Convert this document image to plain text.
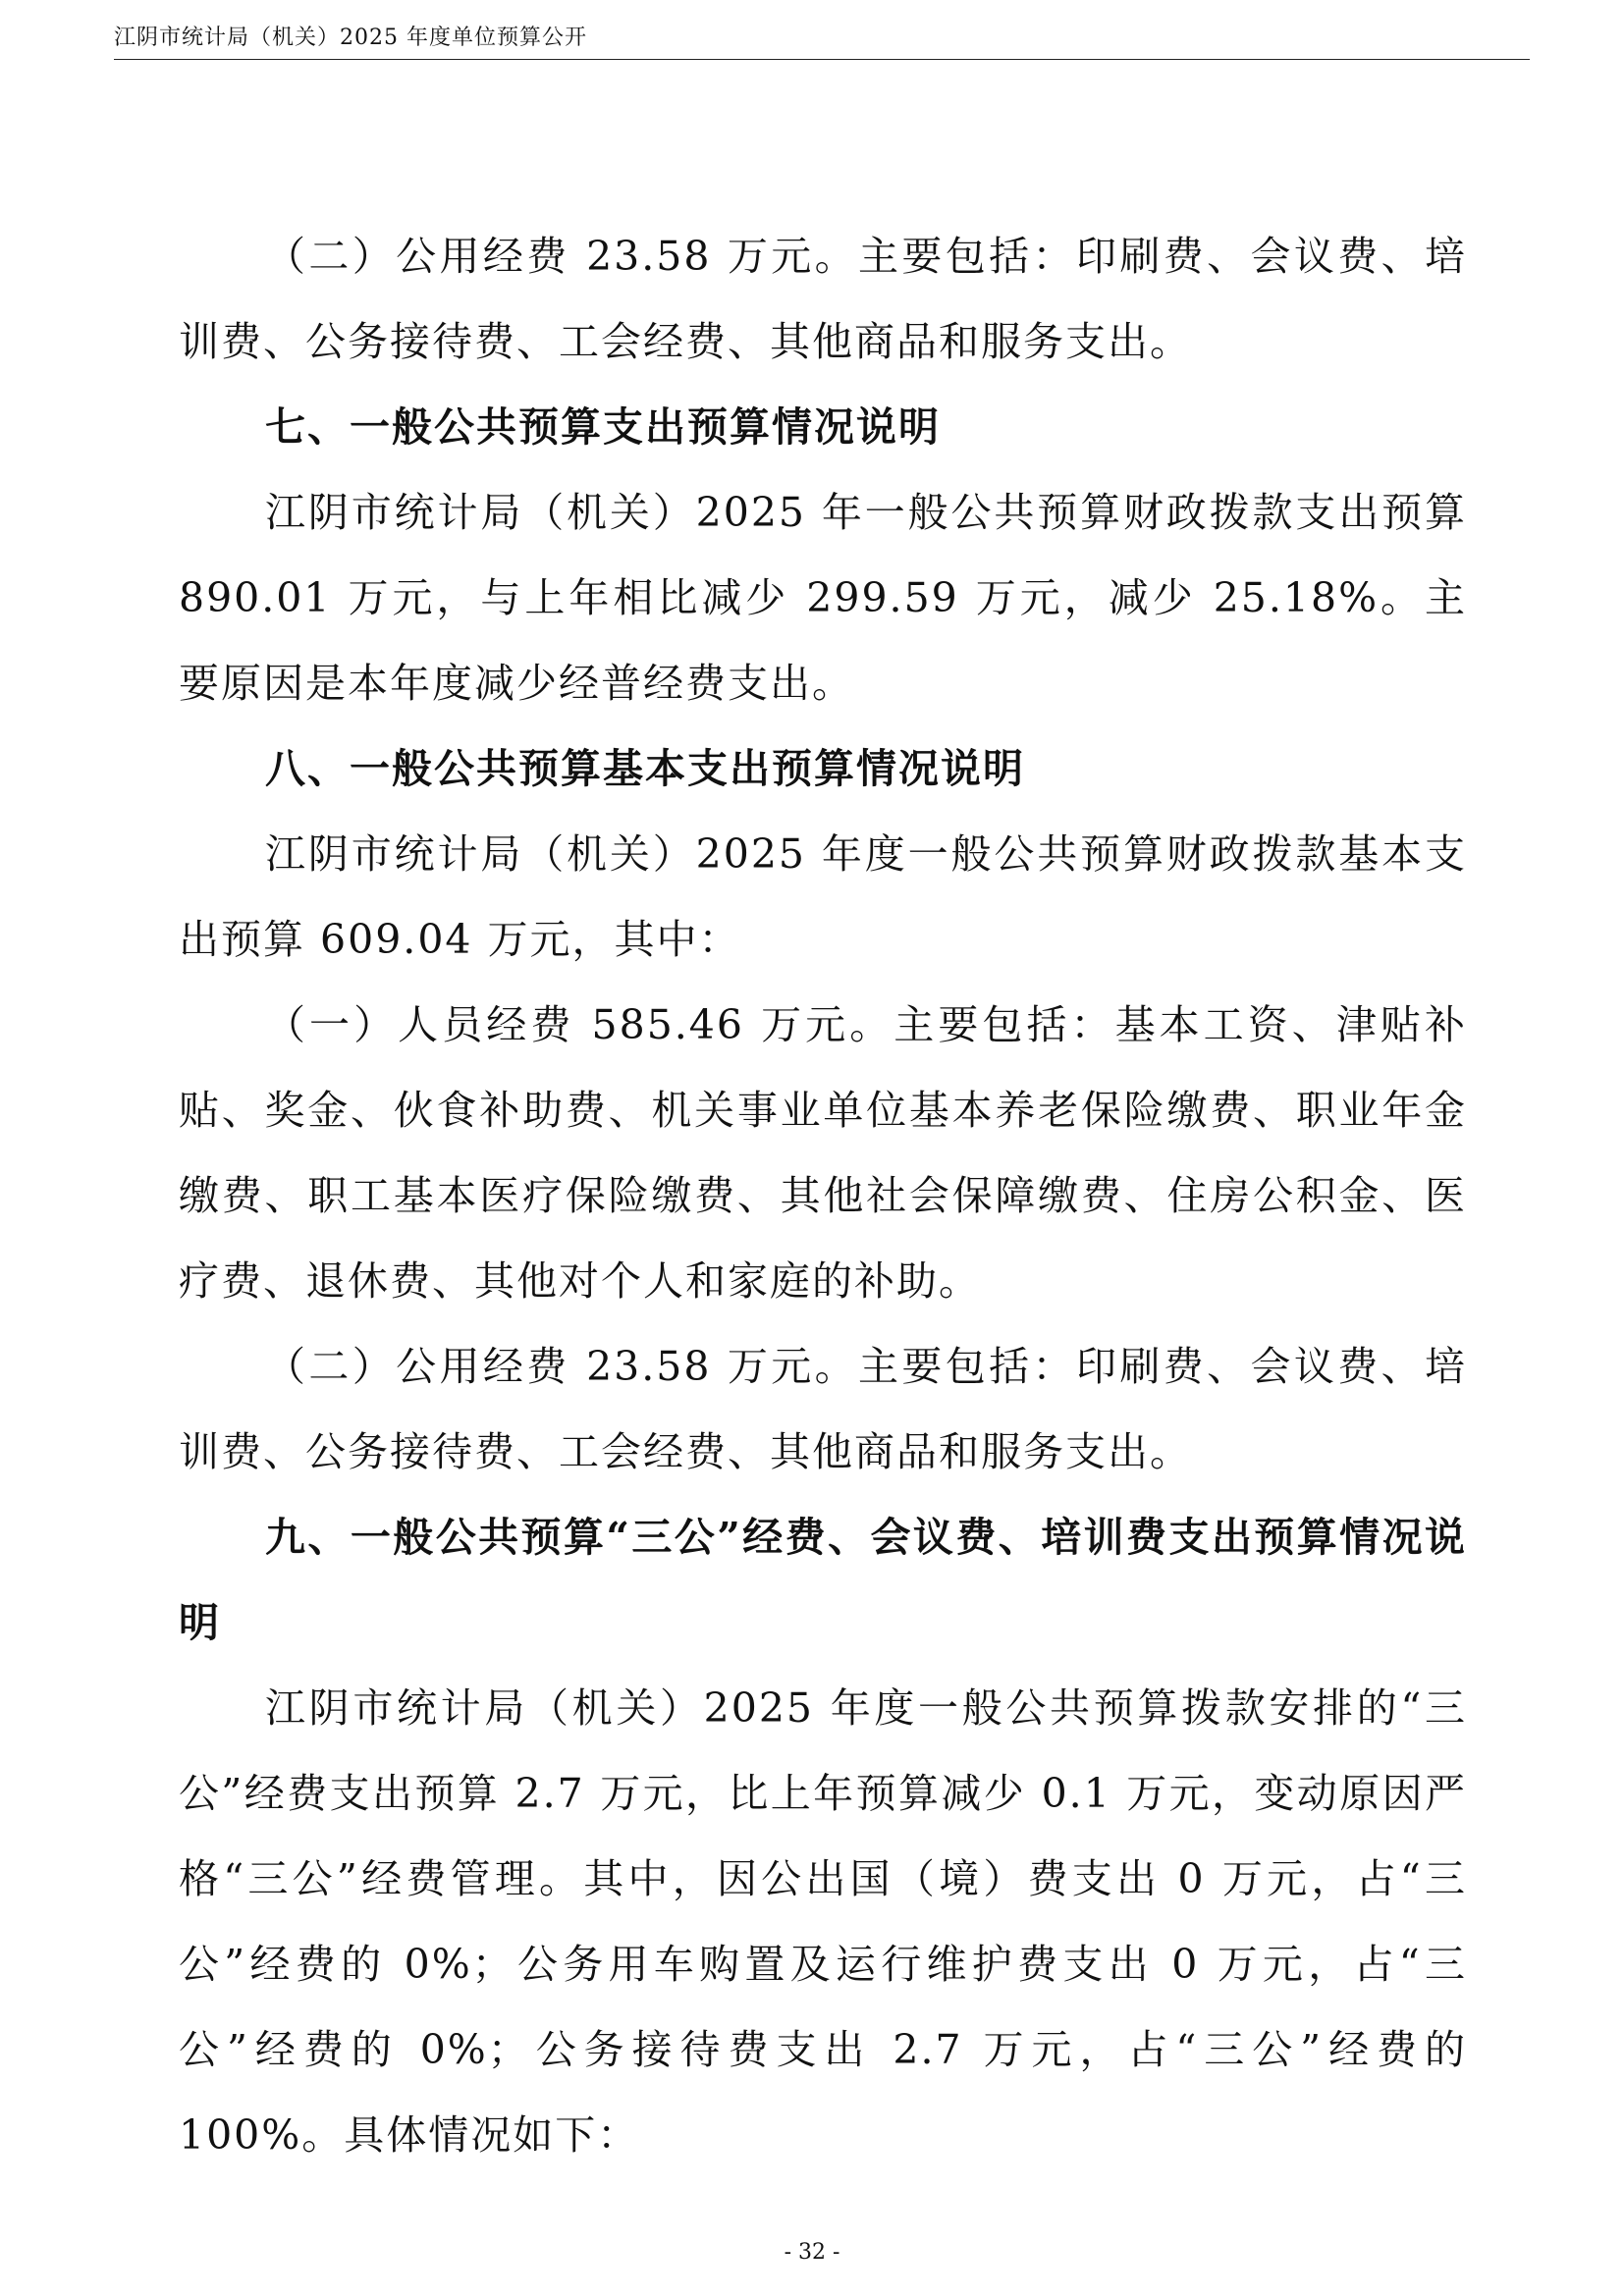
江阴市统计局（机关）2025 年度单位预算公开

（二）公用经费 23.58 万元。主要包括：印刷费、会议费、培训费、公务接待费、工会经费、其他商品和服务支出。

七、一般公共预算支出预算情况说明

江阴市统计局（机关）2025 年一般公共预算财政拨款支出预算 890.01 万元，与上年相比减少 299.59 万元，减少 25.18%。主要原因是本年度减少经普经费支出。

八、一般公共预算基本支出预算情况说明

江阴市统计局（机关）2025 年度一般公共预算财政拨款基本支出预算 609.04 万元，其中：

（一）人员经费 585.46 万元。主要包括：基本工资、津贴补贴、奖金、伙食补助费、机关事业单位基本养老保险缴费、职业年金缴费、职工基本医疗保险缴费、其他社会保障缴费、住房公积金、医疗费、退休费、其他对个人和家庭的补助。

（二）公用经费 23.58 万元。主要包括：印刷费、会议费、培训费、公务接待费、工会经费、其他商品和服务支出。

九、一般公共预算“三公”经费、会议费、培训费支出预算情况说明

江阴市统计局（机关）2025 年度一般公共预算拨款安排的“三公”经费支出预算 2.7 万元，比上年预算减少 0.1 万元，变动原因严格“三公”经费管理。其中，因公出国（境）费支出 0 万元，占“三公”经费的 0%；公务用车购置及运行维护费支出 0 万元，占“三公”经费的 0%；公务接待费支出 2.7 万元，占“三公”经费的 100%。具体情况如下：

- 32 -
